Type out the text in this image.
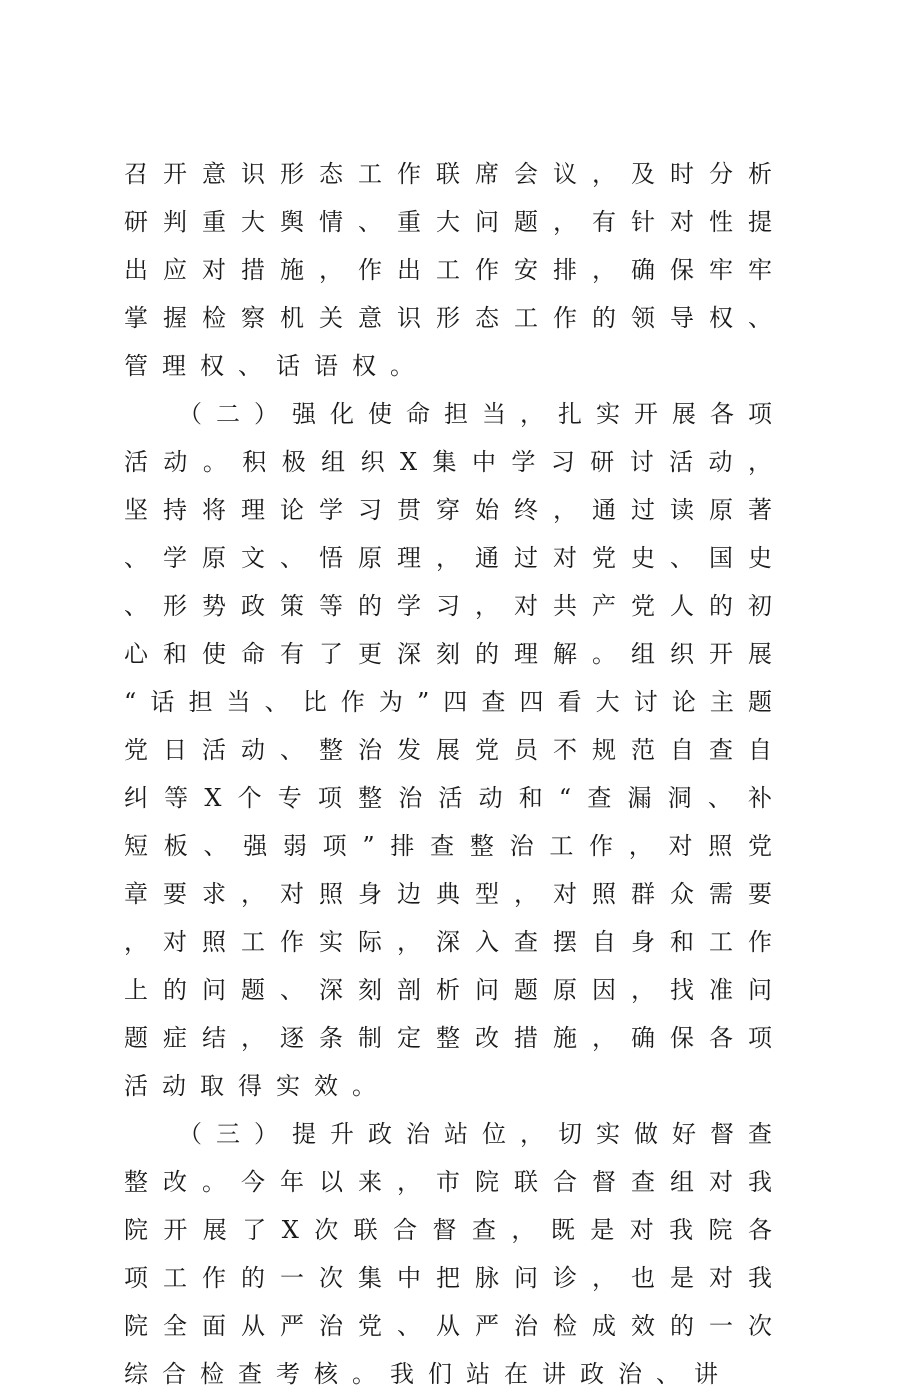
召开意识形态工作联席会议，及时分析研判重大舆情、重大问题，有针对性提出应对措施，作出工作安排，确保牢牢掌握检察机关意识形态工作的领导权、管理权、话语权。

（二）强化使命担当，扎实开展各项活动。积极组织X集中学习研讨活动，坚持将理论学习贯穿始终，通过读原著、学原文、悟原理，通过对党史、国史、形势政策等的学习，对共产党人的初心和使命有了更深刻的理解。组织开展“话担当、比作为”四查四看大讨论主题党日活动、整治发展党员不规范自查自纠等X个专项整治活动和“查漏洞、补短板、强弱项”排查整治工作，对照党章要求，对照身边典型，对照群众需要，对照工作实际，深入查摆自身和工作上的问题、深刻剖析问题原因，找准问题症结，逐条制定整改措施，确保各项活动取得实效。

（三）提升政治站位，切实做好督查整改。今年以来，市院联合督查组对我院开展了X次联合督查，既是对我院各项工作的一次集中把脉问诊，也是对我院全面从严治党、从严治检成效的一次综合检查考核。我们站在讲政治、讲
